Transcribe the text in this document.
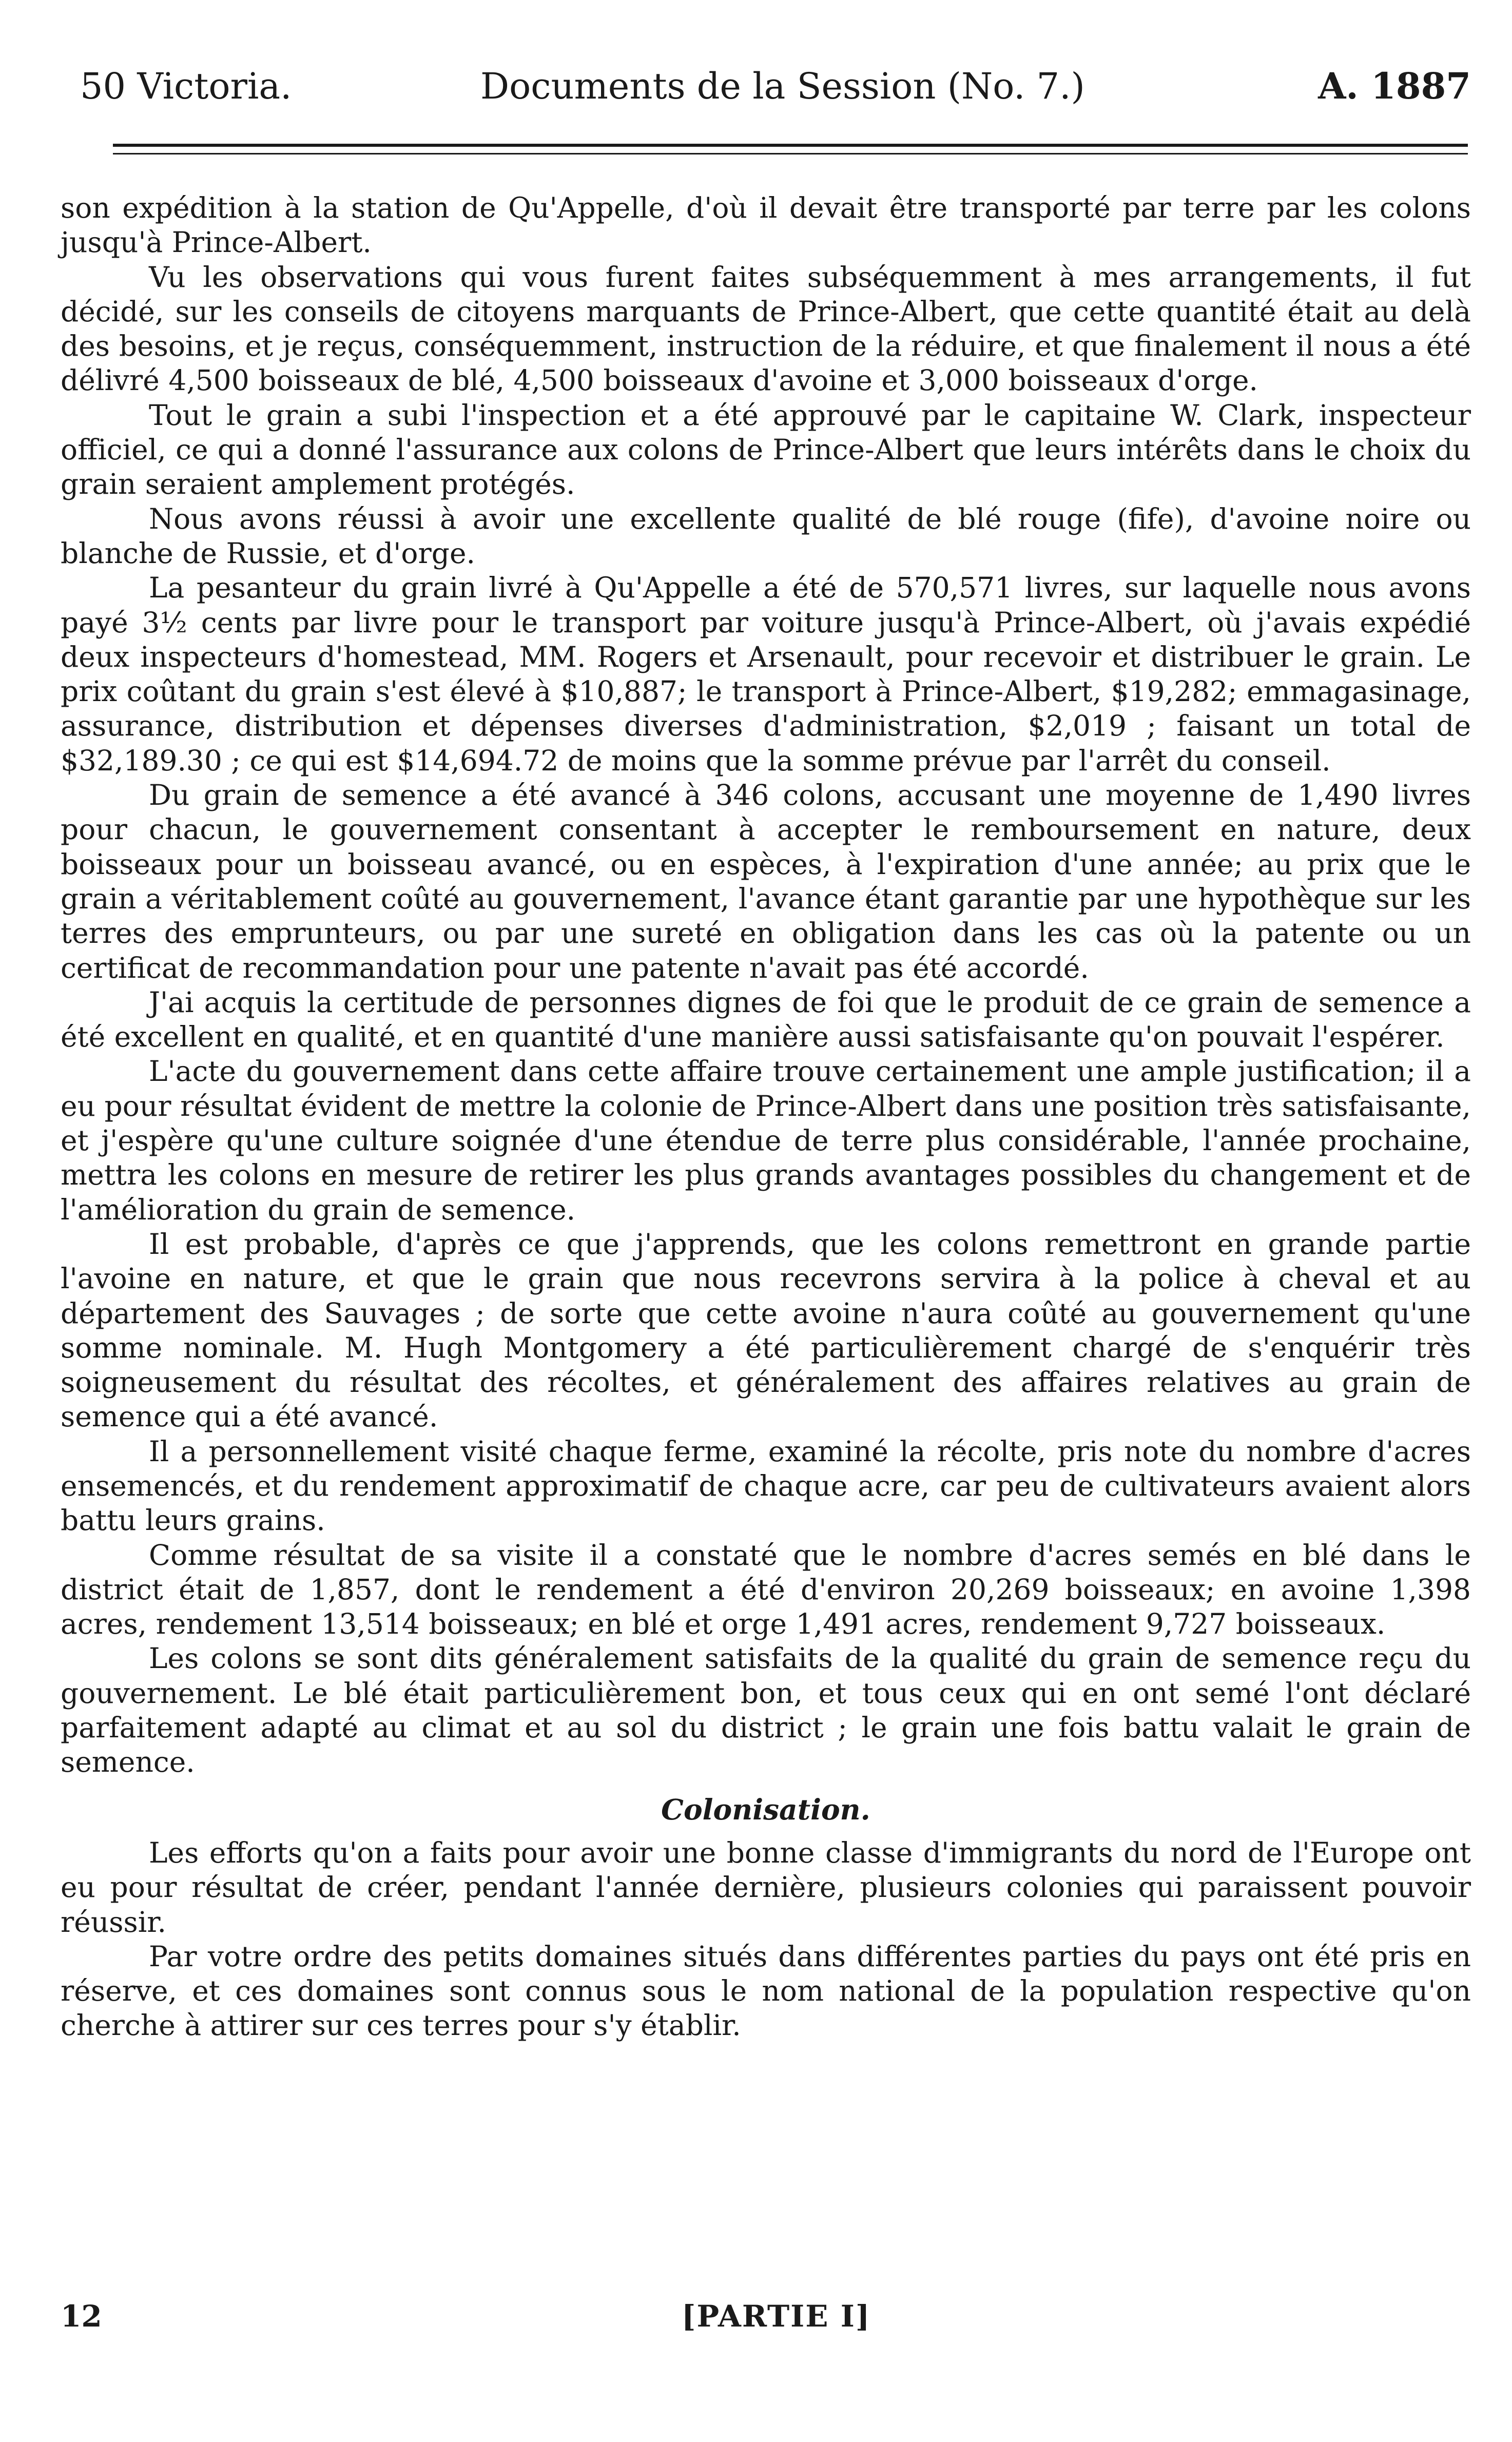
50 Victoria.	Documents de la Session (No. 7.)	A. 1887

son expédition à la station de Qu'Appelle, d'où il devait être transporté par terre par les colons jusqu'à Prince-Albert.

Vu les observations qui vous furent faites subséquemment à mes arrangements, il fut décidé, sur les conseils de citoyens marquants de Prince-Albert, que cette quantité était au delà des besoins, et je reçus, conséquemment, instruction de la réduire, et que finalement il nous a été délivré 4,500 boisseaux de blé, 4,500 boisseaux d'avoine et 3,000 boisseaux d'orge.

Tout le grain a subi l'inspection et a été approuvé par le capitaine W. Clark, inspecteur officiel, ce qui a donné l'assurance aux colons de Prince-Albert que leurs intérêts dans le choix du grain seraient amplement protégés.

Nous avons réussi à avoir une excellente qualité de blé rouge (fife), d'avoine noire ou blanche de Russie, et d'orge.

La pesanteur du grain livré à Qu'Appelle a été de 570,571 livres, sur laquelle nous avons payé 3½ cents par livre pour le transport par voiture jusqu'à Prince-Albert, où j'avais expédié deux inspecteurs d'homestead, MM. Rogers et Arsenault, pour recevoir et distribuer le grain. Le prix coûtant du grain s'est élevé à $10,887; le transport à Prince-Albert, $19,282; emmagasinage, assurance, distribution et dépenses diverses d'administration, $2,019 ; faisant un total de $32,189.30 ; ce qui est $14,694.72 de moins que la somme prévue par l'arrêt du conseil.

Du grain de semence a été avancé à 346 colons, accusant une moyenne de 1,490 livres pour chacun, le gouvernement consentant à accepter le remboursement en nature, deux boisseaux pour un boisseau avancé, ou en espèces, à l'expiration d'une année; au prix que le grain a véritablement coûté au gouvernement, l'avance étant garantie par une hypothèque sur les terres des emprunteurs, ou par une sureté en obligation dans les cas où la patente ou un certificat de recommandation pour une patente n'avait pas été accordé.

J'ai acquis la certitude de personnes dignes de foi que le produit de ce grain de semence a été excellent en qualité, et en quantité d'une manière aussi satisfaisante qu'on pouvait l'espérer.

L'acte du gouvernement dans cette affaire trouve certainement une ample justification; il a eu pour résultat évident de mettre la colonie de Prince-Albert dans une position très satisfaisante, et j'espère qu'une culture soignée d'une étendue de terre plus considérable, l'année prochaine, mettra les colons en mesure de retirer les plus grands avantages possibles du changement et de l'amélioration du grain de semence.

Il est probable, d'après ce que j'apprends, que les colons remettront en grande partie l'avoine en nature, et que le grain que nous recevrons servira à la police à cheval et au département des Sauvages ; de sorte que cette avoine n'aura coûté au gouvernement qu'une somme nominale. M. Hugh Montgomery a été particulièrement chargé de s'enquérir très soigneusement du résultat des récoltes, et généralement des affaires relatives au grain de semence qui a été avancé.

Il a personnellement visité chaque ferme, examiné la récolte, pris note du nombre d'acres ensemencés, et du rendement approximatif de chaque acre, car peu de cultivateurs avaient alors battu leurs grains.

Comme résultat de sa visite il a constaté que le nombre d'acres semés en blé dans le district était de 1,857, dont le rendement a été d'environ 20,269 boisseaux; en avoine 1,398 acres, rendement 13,514 boisseaux; en blé et orge 1,491 acres, rendement 9,727 boisseaux.

Les colons se sont dits généralement satisfaits de la qualité du grain de semence reçu du gouvernement. Le blé était particulièrement bon, et tous ceux qui en ont semé l'ont déclaré parfaitement adapté au climat et au sol du district ; le grain une fois battu valait le grain de semence.

Colonisation.

Les efforts qu'on a faits pour avoir une bonne classe d'immigrants du nord de l'Europe ont eu pour résultat de créer, pendant l'année dernière, plusieurs colonies qui paraissent pouvoir réussir.

Par votre ordre des petits domaines situés dans différentes parties du pays ont été pris en réserve, et ces domaines sont connus sous le nom national de la population respective qu'on cherche à attirer sur ces terres pour s'y établir.

12	[PARTIE I]
